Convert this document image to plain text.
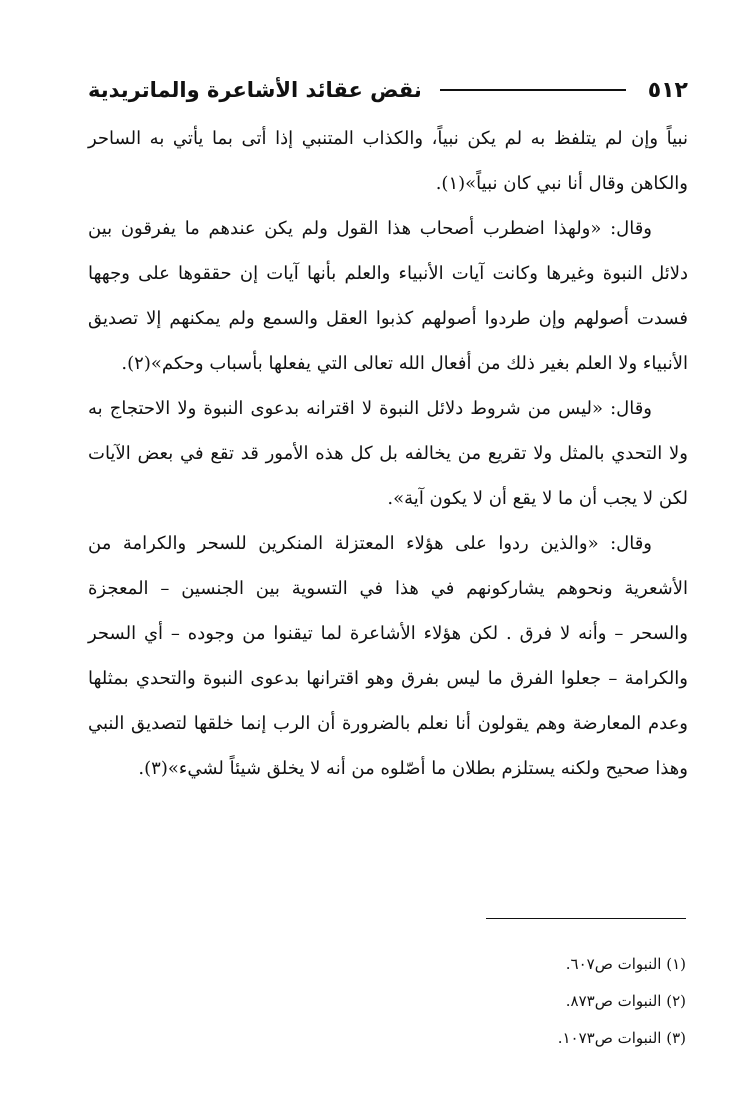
٥١٢
نقض عقائد الأشاعرة والماتريدية

نبياً وإن لم يتلفظ به لم يكن نبياً، والكذاب المتنبي إذا أتى بما يأتي به الساحر والكاهن وقال أنا نبي كان نبياً»(١).

وقال: «ولهذا اضطرب أصحاب هذا القول ولم يكن عندهم ما يفرقون بين دلائل النبوة وغيرها وكانت آيات الأنبياء والعلم بأنها آيات إن حققوها على وجهها فسدت أصولهم وإن طردوا أصولهم كذبوا العقل والسمع ولم يمكنهم إلا تصديق الأنبياء ولا العلم بغير ذلك من أفعال الله تعالى التي يفعلها بأسباب وحكم»(٢).

وقال: «ليس من شروط دلائل النبوة لا اقترانه بدعوى النبوة ولا الاحتجاج به ولا التحدي بالمثل ولا تقريع من يخالفه بل كل هذه الأمور قد تقع في بعض الآيات لكن لا يجب أن ما لا يقع أن لا يكون آية».

وقال: «والذين ردوا على هؤلاء المعتزلة المنكرين للسحر والكرامة من الأشعرية ونحوهم يشاركونهم في هذا في التسوية بين الجنسين – المعجزة والسحر – وأنه لا فرق . لكن هؤلاء الأشاعرة لما تيقنوا من وجوده – أي السحر والكرامة – جعلوا الفرق ما ليس بفرق وهو اقترانها بدعوى النبوة والتحدي بمثلها وعدم المعارضة وهم يقولون أنا نعلم بالضرورة أن الرب إنما خلقها لتصديق النبي وهذا صحيح ولكنه يستلزم بطلان ما أصّلوه من أنه لا يخلق شيئاً لشيء»(٣).

(١) النبوات ص٦٠٧.

(٢) النبوات ص٨٧٣.

(٣) النبوات ص١٠٧٣.
